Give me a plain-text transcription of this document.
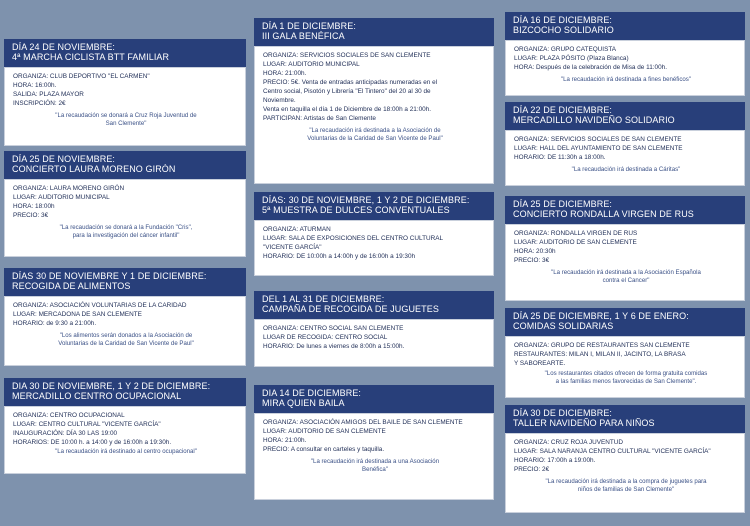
DÍA 24 DE NOVIEMBRE:
4ª MARCHA CICLISTA BTT FAMILIAR
ORGANIZA: CLUB DEPORTIVO "EL CARMEN"
HORA: 16:00h.
SALIDA: PLAZA MAYOR
INSCRIPCIÓN: 2€
"La recaudación se donará a Cruz Roja Juventud de
San Clemente"
DÍA 25 DE NOVIEMBRE:
CONCIERTO LAURA MORENO GIRÓN
ORGANIZA: LAURA MORENO GIRÓN
LUGAR: AUDITORIO MUNICIPAL
HORA: 18:00h
PRECIO: 3€
"La recaudación se donará a la Fundación "Cris",
para la investigación del cáncer infantil"
DÍAS 30 DE NOVIEMBRE Y 1 DE DICIEMBRE:
RECOGIDA DE ALIMENTOS
ORGANIZA: ASOCIACIÓN VOLUNTARIAS DE LA CARIDAD
LUGAR: MERCADONA DE SAN CLEMENTE
HORARIO: de 9:30 a 21:00h.
"Los alimentos serán donados a la Asociación de
Voluntarias de la Caridad de San Vicente de Paul"
DIA 30 DE NOVIEMBRE, 1 Y 2 DE DICIEMBRE:
MERCADILLO CENTRO OCUPACIONAL
ORGANIZA: CENTRO OCUPACIONAL
LUGAR: CENTRO CULTURAL "VICENTE GARCÍA"
INAUGURACIÓN: DÍA 30 LAS 19:00
HORARIOS: DE 10:00 h. a 14:00 y de 16:00h a 19:30h.
"La recaudación irá destinado al centro ocupacional"
DÍA 1 DE DICIEMBRE:
III GALA BENÉFICA
ORGANIZA: SERVICIOS SOCIALES DE SAN CLEMENTE
LUGAR: AUDITORIO MUNICIPAL
HORA: 21:00h.
PRECIO: 5€. Venta de entradas anticipadas numeradas en el
Centro social, Pisotón y Librería "El Tintero" del 20 al 30 de
Noviembre.
Venta en taquilla el día 1 de Diciembre de 18:00h a 21:00h.
PARTICIPAN: Artistas de San Clemente
"La recaudación irá destinada a la Asociación de
Voluntarias de la Caridad de San Vicente de Paul"
DÍAS: 30 DE NOVIEMBRE, 1 Y 2 DE DICIEMBRE:
5ª MUESTRA DE DULCES CONVENTUALES
ORGANIZA: ATURMAN
LUGAR: SALA DE EXPOSICIONES DEL CENTRO CULTURAL
"VICENTE GARCÍA"
HORARIO: DE 10:00h a 14:00h y de 16:00h a 19:30h
DEL 1 AL 31 DE DICIEMBRE:
CAMPAÑA DE RECOGIDA DE JUGUETES
ORGANIZA: CENTRO SOCIAL SAN CLEMENTE
LUGAR DE RECOGIDA: CENTRO SOCIAL
HORARIO: De lunes a viernes de 8:00h a 15:00h.
DIA 14 DE DICIEMBRE:
MIRA QUIEN BAILA
ORGANIZA: ASOCIACIÓN AMIGOS DEL BAILE DE SAN CLEMENTE
LUGAR: AUDITORIO DE SAN CLEMENTE
HORA: 21:00h.
PRECIO: A consultar en carteles y taquilla.
"La recaudación irá destinada a una Asociación
Benéfica"
DÍA 16 DE DICIEMBRE:
BIZCOCHO SOLIDARIO
ORGANIZA: GRUPO CATEQUISTA
LUGAR: PLAZA PÓSITO (Plaza Blanca)
HORA: Después de la celebración de Misa de 11:00h.
"La recaudación irá destinada a fines benéficos"
DÍA 22 DE DICIEMBRE:
MERCADILLO NAVIDEÑO SOLIDARIO
ORGANIZA: SERVICIOS SOCIALES DE SAN CLEMENTE
LUGAR: HALL DEL AYUNTAMIENTO DE SAN CLEMENTE
HORARIO: DE 11:30h a 18:00h.
"La recaudación irá destinada a Cáritas"
DÍA 25 DE DICIEMBRE:
CONCIERTO RONDALLA VIRGEN DE RUS
ORGANIZA: RONDALLA VIRGEN DE RUS
LUGAR: AUDITORIO DE SAN CLEMENTE
HORA: 20:30h
PRECIO: 3€
"La recaudación irá destinada a la Asociación Española
contra el Cancer"
DÍA 25 DE DICIEMBRE, 1 Y 6 DE ENERO:
COMIDAS SOLIDARIAS
ORGANIZA: GRUPO DE RESTAURANTES SAN CLEMENTE
RESTAURANTES: MILAN I, MILAN II, JACINTO, LA BRASA
Y SABOREARTE.
"Los restaurantes citados ofrecen de forma gratuita comidas
a las familias menos favorecidas de San Clemente".
DÍA 30 DE DICIEMBRE:
TALLER NAVIDEÑO PARA NIÑOS
ORGANIZA: CRUZ ROJA JUVENTUD
LUGAR: SALA NARANJA CENTRO CULTURAL "VICENTE GARCÍA"
HORARIO: 17:00h a 19:00h.
PRECIO: 2€
"La recaudación irá destinada a la compra de juguetes para
niños de familias de San Clemente"
